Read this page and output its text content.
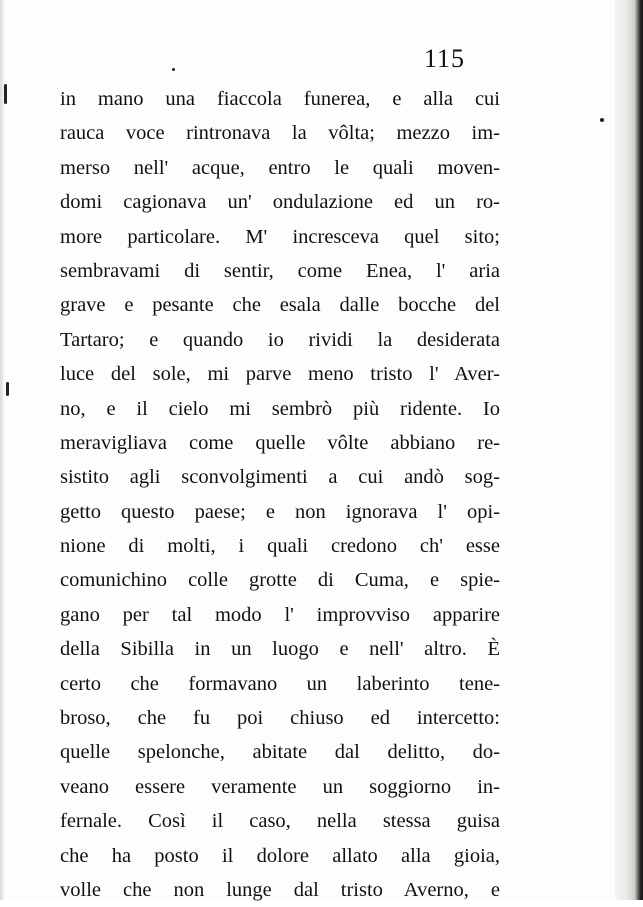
115
in mano una fiaccola funerea, e alla cui
rauca voce rintronava la vôlta; mezzo im-
merso nell' acque, entro le quali moven-
domi cagionava un' ondulazione ed un ro-
more particolare. M' increscevа quel sito;
sembravami di sentir, come Enea, l' aria
grave e pesante che esala dalle bocche del
Tartaro; e quando io rividi la desiderata
luce del sole, mi parve meno tristo l' Aver-
no, e il cielo mi sembrò più ridente. Io
meravigliava come quelle vôlte abbiano re-
sistito agli sconvolgimenti a cui andò sog-
getto questo paese; e non ignorava l' opi-
nione di molti, i quali credono ch' esse
comunichino colle grotte di Cuma, e spie-
gano per tal modo l' improvviso apparire
della Sibilla in un luogo e nell' altro. È
certo che formavano un laberinto tene-
broso, che fu poi chiuso ed intercetto:
quelle spelonche, abitate dal delitto, do-
veano essere veramente un soggiorno in-
fernale. Così il caso, nella stessa guisa
che ha posto il dolore allato alla gioia,
volle che non lunge dal tristo Averno, e
